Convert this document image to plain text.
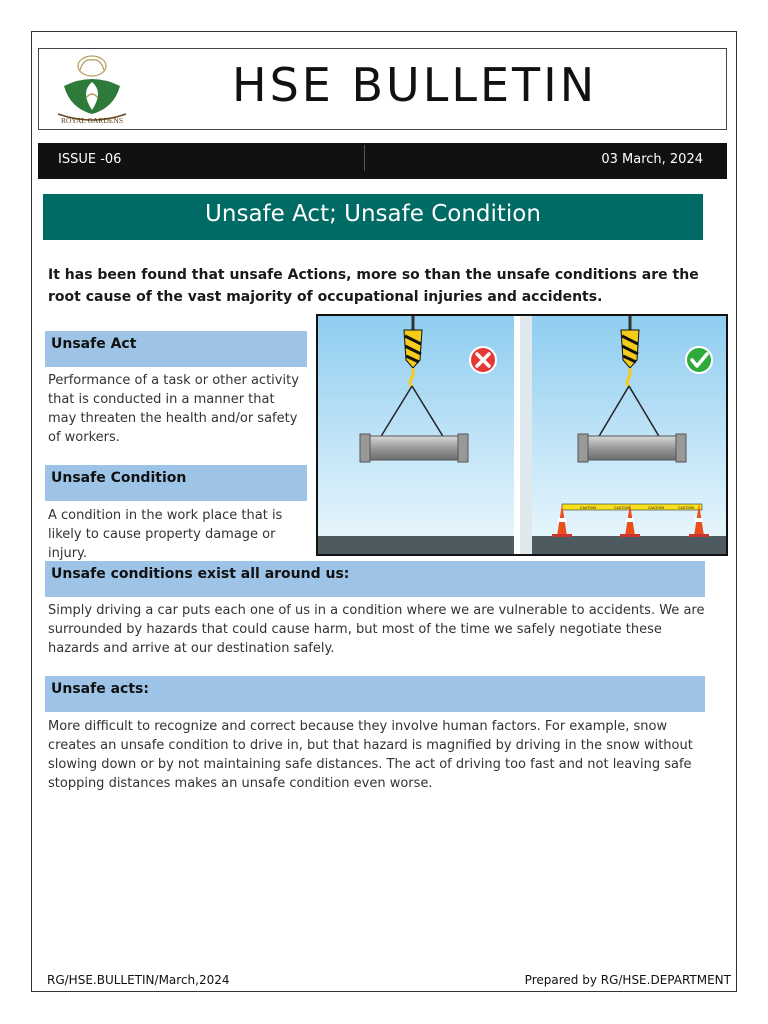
ROYAL GARDENS
HSE BULLETIN
ISSUE -06	03 March, 2024
Unsafe Act; Unsafe Condition
It has been found that unsafe Actions, more so than the unsafe conditions are the root cause of the vast majority of occupational injuries and accidents.
Unsafe Act
Performance of a task or other activity that is conducted in a manner that may threaten the health and/or safety of workers.
Unsafe Condition
A condition in the work place that is likely to cause property damage or injury.
CAUTION	CAUTION	CAUTION	CAUTION
Unsafe conditions exist all around us:
Simply driving a car puts each one of us in a condition where we are vulnerable to accidents. We are surrounded by hazards that could cause harm, but most of the time we safely negotiate these hazards and arrive at our destination safely.
Unsafe acts:
More difficult to recognize and correct because they involve human factors. For example, snow creates an unsafe condition to drive in, but that hazard is magnified by driving in the snow without slowing down or by not maintaining safe distances. The act of driving too fast and not leaving safe stopping distances makes an unsafe condition even worse.
RG/HSE.BULLETIN/March,2024	Prepared by RG/HSE.DEPARTMENT
